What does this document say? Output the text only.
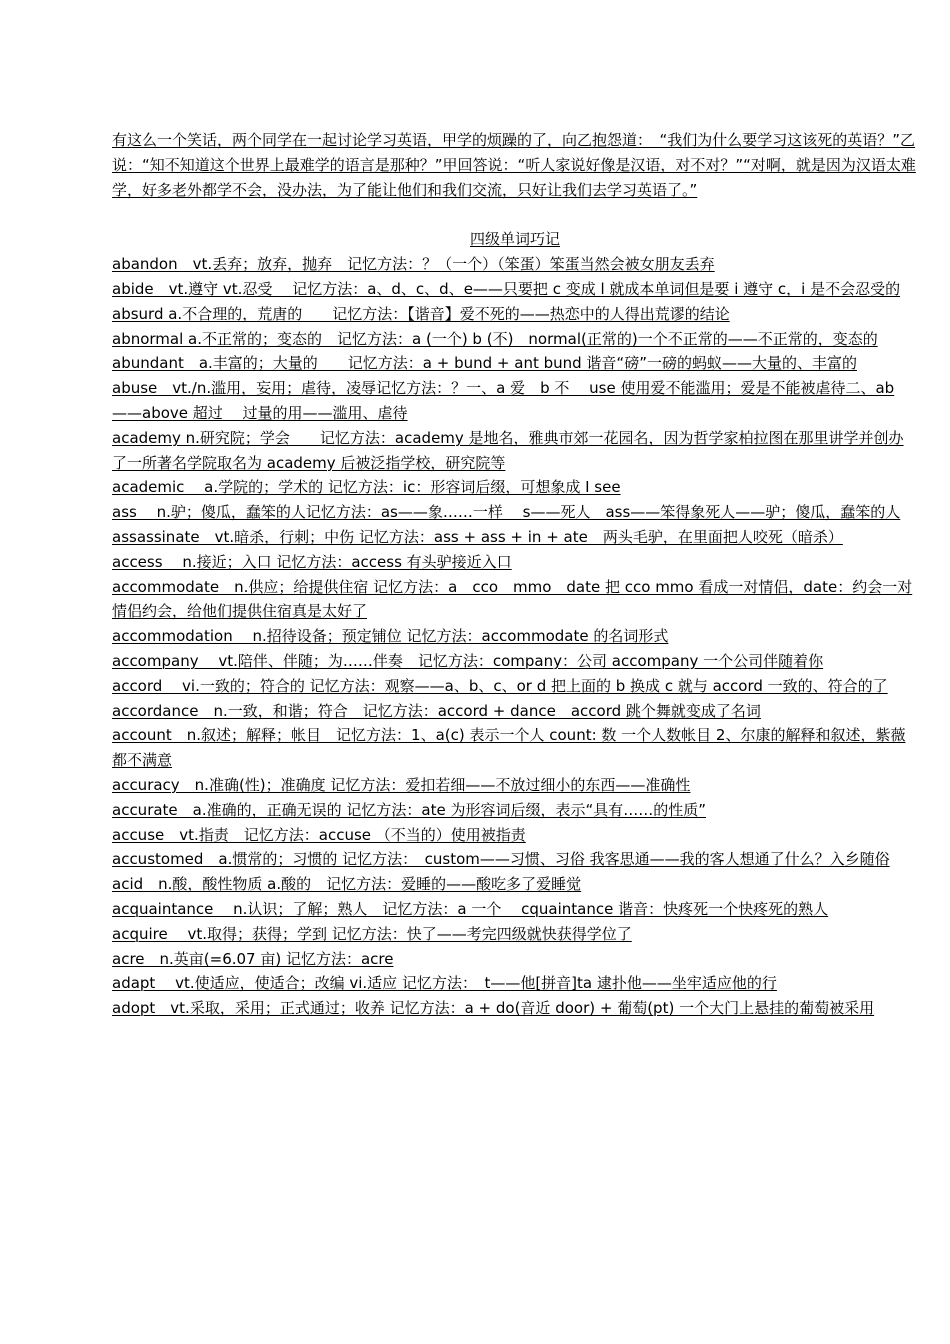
有这么一个笑话，两个同学在一起讨论学习英语，甲学的烦躁的了，向乙抱怨道：　“我们为什么要学习这该死的英语？”乙说：“知不知道这个世界上最难学的语言是那种？”甲回答说：“听人家说好像是汉语，对不对？”“对啊，就是因为汉语太难学，好多老外都学不会，没办法，为了能让他们和我们交流，只好让我们去学习英语了。”

四级单词巧记

abandon　vt.丢弃；放弃，抛弃　记忆方法：？（一个）（笨蛋）笨蛋当然会被女朋友丢弃

abide　vt.遵守 vt.忍受　 记忆方法：a、d、c、d、e——只要把 c 变成 l 就成本单词但是要 i 遵守 c，i 是不会忍受的

absurd a.不合理的，荒唐的　　记忆方法：【谐音】爱不死的——热恋中的人得出荒谬的结论

abnormal a.不正常的；变态的　记忆方法：a (一个) b (不)　normal(正常的)一个不正常的——不正常的，变态的

abundant　a.丰富的；大量的　　记忆方法：a + bund + ant bund 谐音“磅”一磅的蚂蚁——大量的、丰富的

abuse　vt./n.滥用，妄用；虐待，凌辱记忆方法：？一、a 爱　b 不　 use 使用爱不能滥用；爱是不能被虐待二、ab——above 超过　 过量的用——滥用、虐待

academy n.研究院；学会　　记忆方法：academy 是地名，雅典市郊一花园名，因为哲学家柏拉图在那里讲学并创办了一所著名学院取名为 academy 后被泛指学校，研究院等

academic　 a.学院的；学术的 记忆方法：ic：形容词后缀，可想象成 I see

ass　 n.驴；傻瓜，蠢笨的人记忆方法：as——象……一样　 s——死人　ass——笨得象死人——驴；傻瓜，蠢笨的人

assassinate　vt.暗杀，行刺；中伤 记忆方法：ass + ass + in + ate　两头毛驴，在里面把人咬死（暗杀）

access　 n.接近；入口 记忆方法：access 有头驴接近入口

accommodate　n.供应；给提供住宿 记忆方法：a　cco　mmo　date 把 cco mmo 看成一对情侣，date：约会一对情侣约会，给他们提供住宿真是太好了

accommodation　 n.招待设备；预定铺位 记忆方法：accommodate 的名词形式

accompany　 vt.陪伴、伴随；为……伴奏　记忆方法：company：公司 accompany 一个公司伴随着你

accord　 vi.一致的；符合的 记忆方法：观察——a、b、c、or d 把上面的 b 换成 c 就与 accord 一致的、符合的了

accordance　n.一致，和谐；符合　记忆方法：accord + dance　accord 跳个舞就变成了名词

account　n.叙述；解释；帐目　记忆方法：1、a(c) 表示一个人 count: 数 一个人数帐目 2、尔康的解释和叙述，紫薇都不满意

accuracy　n.准确(性)；准确度 记忆方法：爱扣若细——不放过细小的东西——准确性

accurate　a.准确的，正确无误的 记忆方法：ate 为形容词后缀，表示“具有……的性质”

accuse　vt.指责　记忆方法：accuse （不当的）使用被指责

accustomed　a.惯常的；习惯的 记忆方法：　custom——习惯、习俗 我客思通——我的客人想通了什么？入乡随俗

acid　n.酸，酸性物质 a.酸的　记忆方法：爱睡的——酸吃多了爱睡觉

acquaintance　 n.认识；了解；熟人　记忆方法：a 一个　 cquaintance 谐音：快疼死一个快疼死的熟人

acquire　 vt.取得；获得；学到 记忆方法：快了——考完四级就快获得学位了

acre　n.英亩(=6.07 亩) 记忆方法：acre

adapt　 vt.使适应，使适合；改编 vi.适应 记忆方法：　t——他[拼音]ta 逮扑他——坐牢适应他的行

adopt　vt.采取，采用；正式通过；收养 记忆方法：a + do(音近 door) + 葡萄(pt) 一个大门上悬挂的葡萄被采用
